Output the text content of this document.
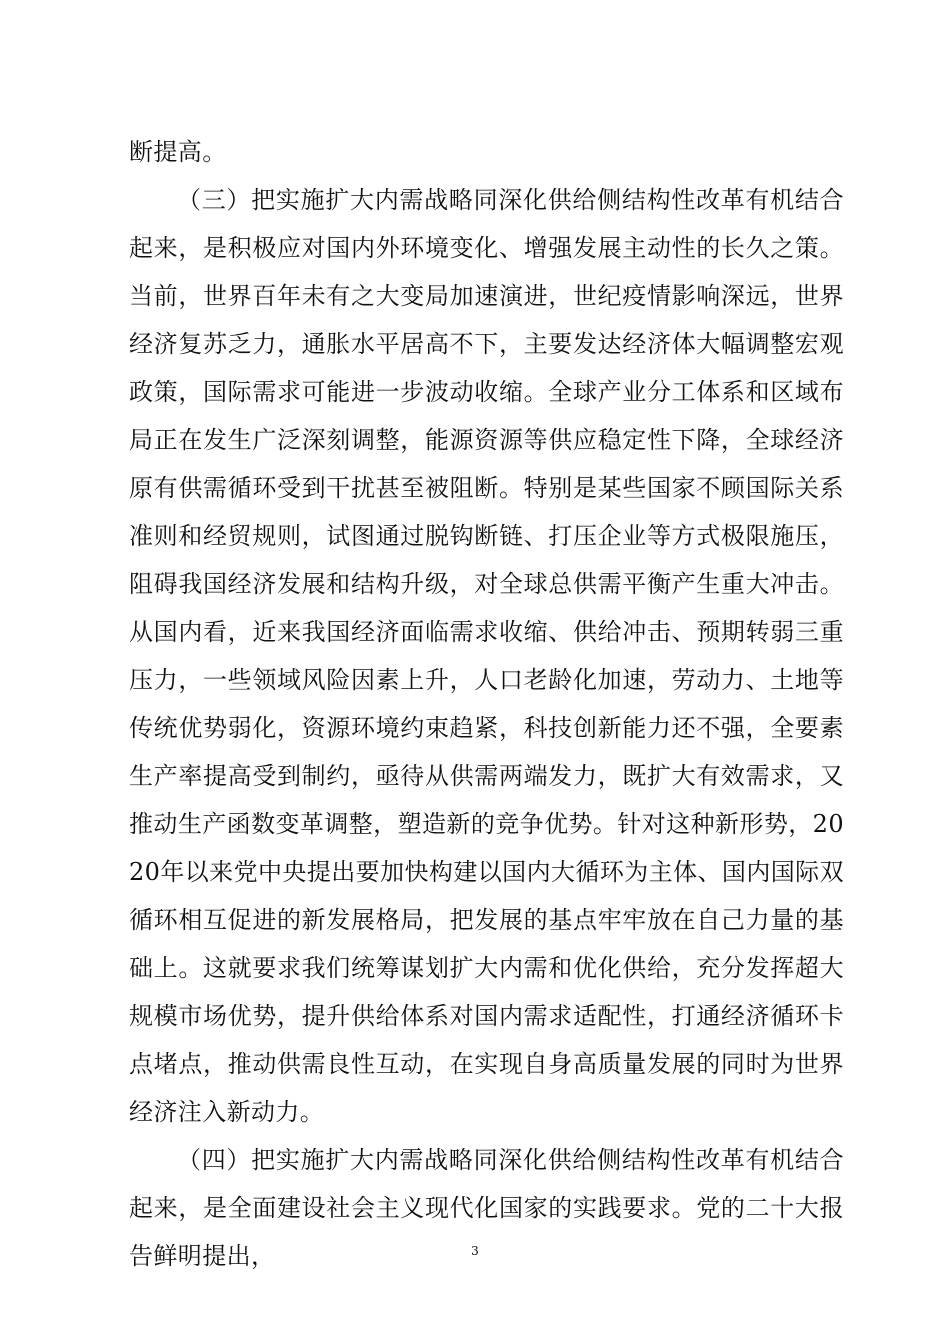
断提高。

（三）把实施扩大内需战略同深化供给侧结构性改革有机结合起来，是积极应对国内外环境变化、增强发展主动性的长久之策。当前，世界百年未有之大变局加速演进，世纪疫情影响深远，世界经济复苏乏力，通胀水平居高不下，主要发达经济体大幅调整宏观政策，国际需求可能进一步波动收缩。全球产业分工体系和区域布局正在发生广泛深刻调整，能源资源等供应稳定性下降，全球经济原有供需循环受到干扰甚至被阻断。特别是某些国家不顾国际关系准则和经贸规则，试图通过脱钩断链、打压企业等方式极限施压，阻碍我国经济发展和结构升级，对全球总供需平衡产生重大冲击。从国内看，近来我国经济面临需求收缩、供给冲击、预期转弱三重压力，一些领域风险因素上升，人口老龄化加速，劳动力、土地等传统优势弱化，资源环境约束趋紧，科技创新能力还不强，全要素生产率提高受到制约，亟待从供需两端发力，既扩大有效需求，又推动生产函数变革调整，塑造新的竞争优势。针对这种新形势，2020年以来党中央提出要加快构建以国内大循环为主体、国内国际双循环相互促进的新发展格局，把发展的基点牢牢放在自己力量的基础上。这就要求我们统筹谋划扩大内需和优化供给，充分发挥超大规模市场优势，提升供给体系对国内需求适配性，打通经济循环卡点堵点，推动供需良性互动，在实现自身高质量发展的同时为世界经济注入新动力。

（四）把实施扩大内需战略同深化供给侧结构性改革有机结合起来，是全面建设社会主义现代化国家的实践要求。党的二十大报告鲜明提出，	3
